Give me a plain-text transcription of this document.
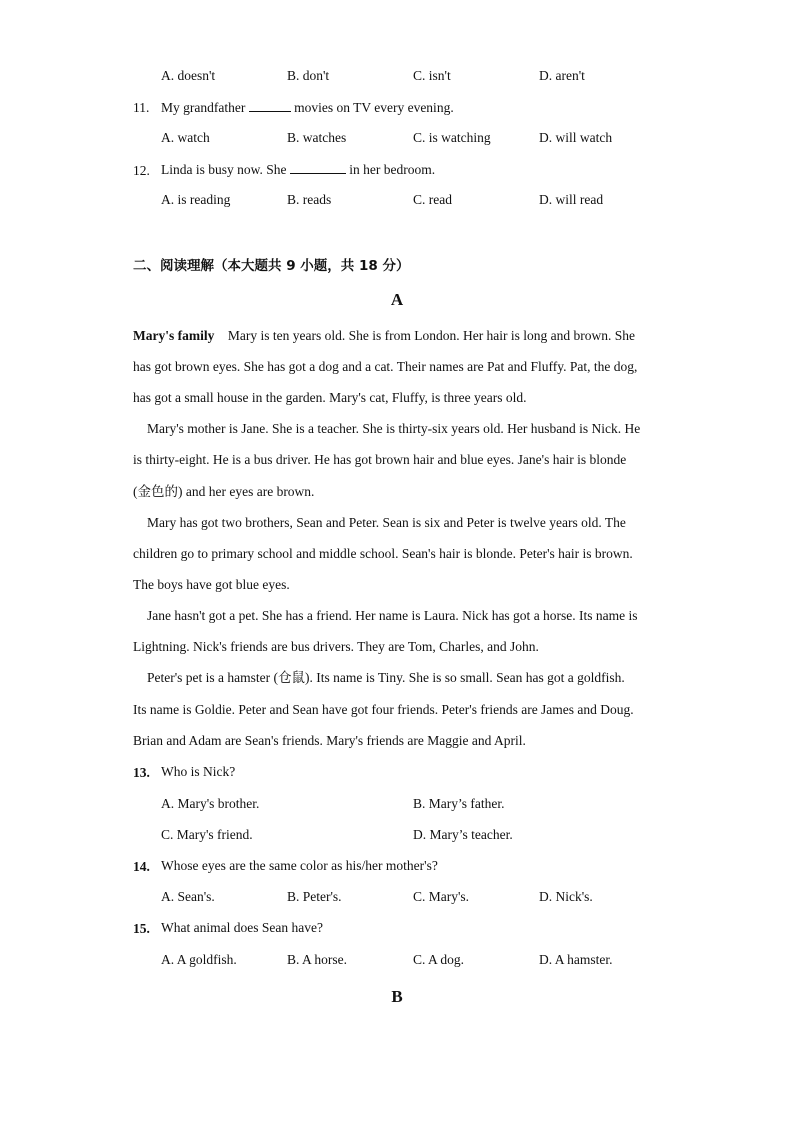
A. doesn't	B. don't	C. isn't	D. aren't
11. My grandfather	movies on TV every evening.
A. watch	B. watches	C. is watching	D. will watch
12. Linda is busy now. She	in her bedroom.
A. is reading	B. reads	C. read	D. will read
二、阅读理解（本大题共 9 小题，共 18 分）
A
Mary's family Mary is ten years old. She is from London. Her hair is long and brown. She
has got brown eyes. She has got a dog and a cat. Their names are Pat and Fluffy. Pat, the dog,
has got a small house in the garden. Mary's cat, Fluffy, is three years old.
Mary's mother is Jane. She is a teacher. She is thirty-six years old. Her husband is Nick. He
is thirty-eight. He is a bus driver. He has got brown hair and blue eyes. Jane's hair is blonde
(金色的) and her eyes are brown.
Mary has got two brothers, Sean and Peter. Sean is six and Peter is twelve years old. The
children go to primary school and middle school. Sean's hair is blonde. Peter's hair is brown.
The boys have got blue eyes.
Jane hasn't got a pet. She has a friend. Her name is Laura. Nick has got a horse. Its name is
Lightning. Nick's friends are bus drivers. They are Tom, Charles, and John.
Peter's pet is a hamster (仓鼠). Its name is Tiny. She is so small. Sean has got a goldfish.
Its name is Goldie. Peter and Sean have got four friends. Peter's friends are James and Doug.
Brian and Adam are Sean's friends. Mary's friends are Maggie and April.
13. Who is Nick?
A. Mary's brother.	B. Mary’s father.
C. Mary's friend.	D. Mary’s teacher.
14. Whose eyes are the same color as his/her mother's?
A. Sean's.	B. Peter's.	C. Mary's.	D. Nick's.
15. What animal does Sean have?
A. A goldfish.	B. A horse.	C. A dog.	D. A hamster.
B
